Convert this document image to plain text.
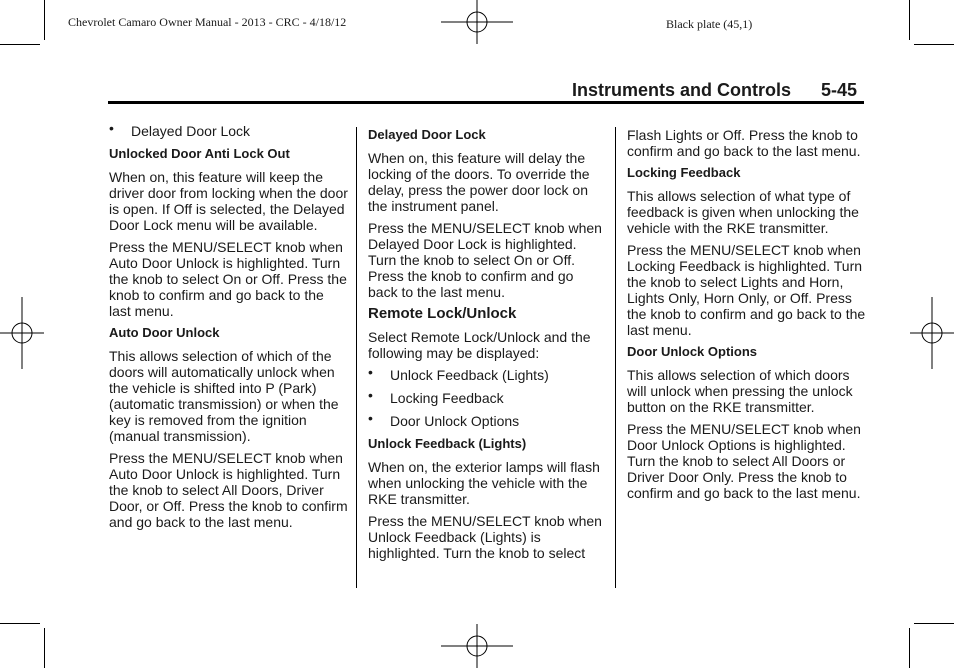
Chevrolet Camaro Owner Manual - 2013 - CRC - 4/18/12	Black plate (45,1)
Instruments and Controls 5-45
• Delayed Door Lock
Unlocked Door Anti Lock Out

When on, this feature will keep the driver door from locking when the door is open. If Off is selected, the Delayed Door Lock menu will be available.

Press the MENU/SELECT knob when Auto Door Unlock is highlighted. Turn the knob to select On or Off. Press the knob to confirm and go back to the last menu.

Auto Door Unlock

This allows selection of which of the doors will automatically unlock when the vehicle is shifted into P (Park) (automatic transmission) or when the key is removed from the ignition (manual transmission).

Press the MENU/SELECT knob when Auto Door Unlock is highlighted. Turn the knob to select All Doors, Driver Door, or Off. Press the knob to confirm and go back to the last menu.

Delayed Door Lock

When on, this feature will delay the locking of the doors. To override the delay, press the power door lock on the instrument panel.

Press the MENU/SELECT knob when Delayed Door Lock is highlighted. Turn the knob to select On or Off. Press the knob to confirm and go back to the last menu.

Remote Lock/Unlock

Select Remote Lock/Unlock and the following may be displayed:

• Unlock Feedback (Lights)
• Locking Feedback
• Door Unlock Options
Unlock Feedback (Lights)

When on, the exterior lamps will flash when unlocking the vehicle with the RKE transmitter.

Press the MENU/SELECT knob when Unlock Feedback (Lights) is highlighted. Turn the knob to select

Flash Lights or Off. Press the knob to confirm and go back to the last menu.

Locking Feedback

This allows selection of what type of feedback is given when unlocking the vehicle with the RKE transmitter.

Press the MENU/SELECT knob when Locking Feedback is highlighted. Turn the knob to select Lights and Horn, Lights Only, Horn Only, or Off. Press the knob to confirm and go back to the last menu.

Door Unlock Options

This allows selection of which doors will unlock when pressing the unlock button on the RKE transmitter.

Press the MENU/SELECT knob when Door Unlock Options is highlighted. Turn the knob to select All Doors or Driver Door Only. Press the knob to confirm and go back to the last menu.
